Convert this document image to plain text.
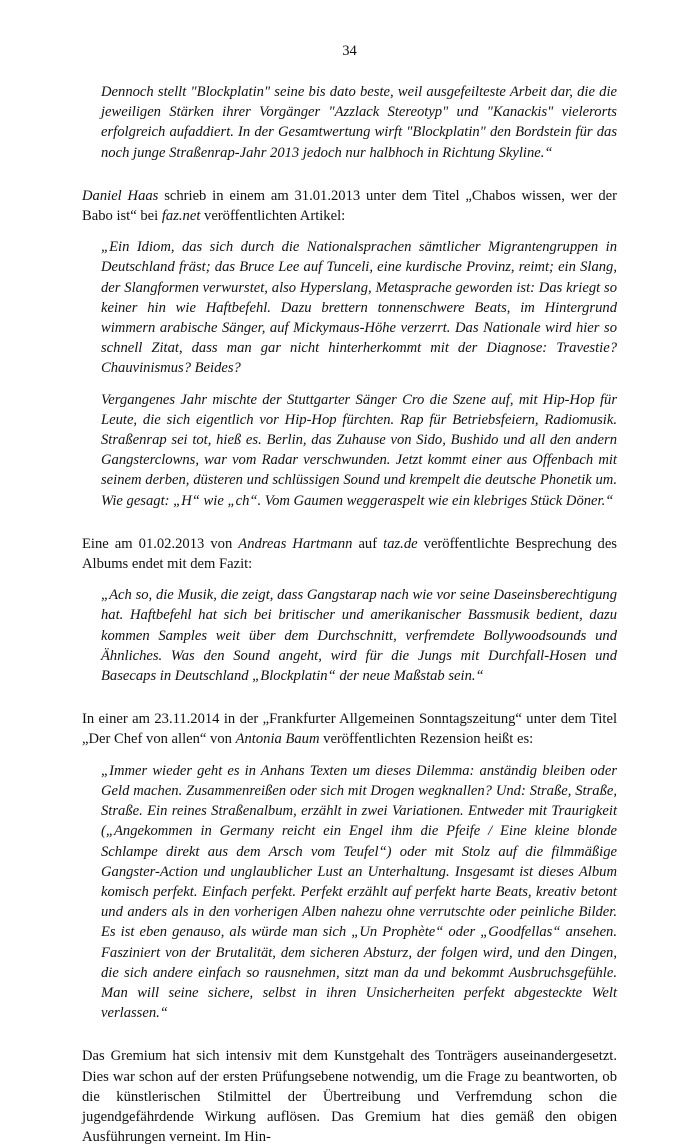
34

Dennoch stellt "Blockplatin" seine bis dato beste, weil ausgefeilteste Arbeit dar, die die jeweiligen Stärken ihrer Vorgänger "Azzlack Stereotyp" und "Kanackis" vielerorts erfolgreich aufaddiert. In der Gesamtwertung wirft "Blockplatin" den Bordstein für das noch junge Straßenrap-Jahr 2013 jedoch nur halbhoch in Richtung Skyline.“

Daniel Haas schrieb in einem am 31.01.2013 unter dem Titel „Chabos wissen, wer der Babo ist“ bei faz.net veröffentlichten Artikel:

„Ein Idiom, das sich durch die Nationalsprachen sämtlicher Migrantengruppen in Deutschland fräst; das Bruce Lee auf Tunceli, eine kurdische Provinz, reimt; ein Slang, der Slangformen verwurstet, also Hyperslang, Metasprache geworden ist: Das kriegt so keiner hin wie Haftbefehl. Dazu brettern tonnenschwere Beats, im Hintergrund wimmern arabische Sänger, auf Mickymaus-Höhe verzerrt. Das Nationale wird hier so schnell Zitat, dass man gar nicht hinterherkommt mit der Diagnose: Travestie? Chauvinismus? Beides?

Vergangenes Jahr mischte der Stuttgarter Sänger Cro die Szene auf, mit Hip-Hop für Leute, die sich eigentlich vor Hip-Hop fürchten. Rap für Betriebsfeiern, Radiomusik. Straßenrap sei tot, hieß es. Berlin, das Zuhause von Sido, Bushido und all den andern Gangsterclowns, war vom Radar verschwunden. Jetzt kommt einer aus Offenbach mit seinem derben, düsteren und schlüssigen Sound und krempelt die deutsche Phonetik um. Wie gesagt: „H“ wie „ch“. Vom Gaumen weggeraspelt wie ein klebriges Stück Döner.“

Eine am 01.02.2013 von Andreas Hartmann auf taz.de veröffentlichte Besprechung des Albums endet mit dem Fazit:

„Ach so, die Musik, die zeigt, dass Gangstarap nach wie vor seine Daseinsberechtigung hat. Haftbefehl hat sich bei britischer und amerikanischer Bassmusik bedient, dazu kommen Samples weit über dem Durchschnitt, verfremdete Bollywoodsounds und Ähnliches. Was den Sound angeht, wird für die Jungs mit Durchfall-Hosen und Basecaps in Deutschland „Blockplatin“ der neue Maßstab sein.“

In einer am 23.11.2014 in der „Frankfurter Allgemeinen Sonntagszeitung“ unter dem Titel „Der Chef von allen“ von Antonia Baum veröffentlichten Rezension heißt es:

„Immer wieder geht es in Anhans Texten um dieses Dilemma: anständig bleiben oder Geld machen. Zusammenreißen oder sich mit Drogen wegknallen? Und: Straße, Straße, Straße. Ein reines Straßenalbum, erzählt in zwei Variationen. Entweder mit Traurigkeit („Angekommen in Germany reicht ein Engel ihm die Pfeife / Eine kleine blonde Schlampe direkt aus dem Arsch vom Teufel“) oder mit Stolz auf die filmmäßige Gangster-Action und unglaublicher Lust an Unterhaltung. Insgesamt ist dieses Album komisch perfekt. Einfach perfekt. Perfekt erzählt auf perfekt harte Beats, kreativ betont und anders als in den vorherigen Alben nahezu ohne verrutschte oder peinliche Bilder. Es ist eben genauso, als würde man sich „Un Prophète“ oder „Goodfellas“ ansehen. Fasziniert von der Brutalität, dem sicheren Absturz, der folgen wird, und den Dingen, die sich andere einfach so rausnehmen, sitzt man da und bekommt Ausbruchsgefühle. Man will seine sichere, selbst in ihren Unsicherheiten perfekt abgesteckte Welt verlassen.“

Das Gremium hat sich intensiv mit dem Kunstgehalt des Tonträgers auseinandergesetzt. Dies war schon auf der ersten Prüfungsebene notwendig, um die Frage zu beantworten, ob die künstlerischen Stilmittel der Übertreibung und Verfremdung schon die jugendgefährdende Wirkung auflösen. Das Gremium hat dies gemäß den obigen Ausführungen verneint. Im Hin-
